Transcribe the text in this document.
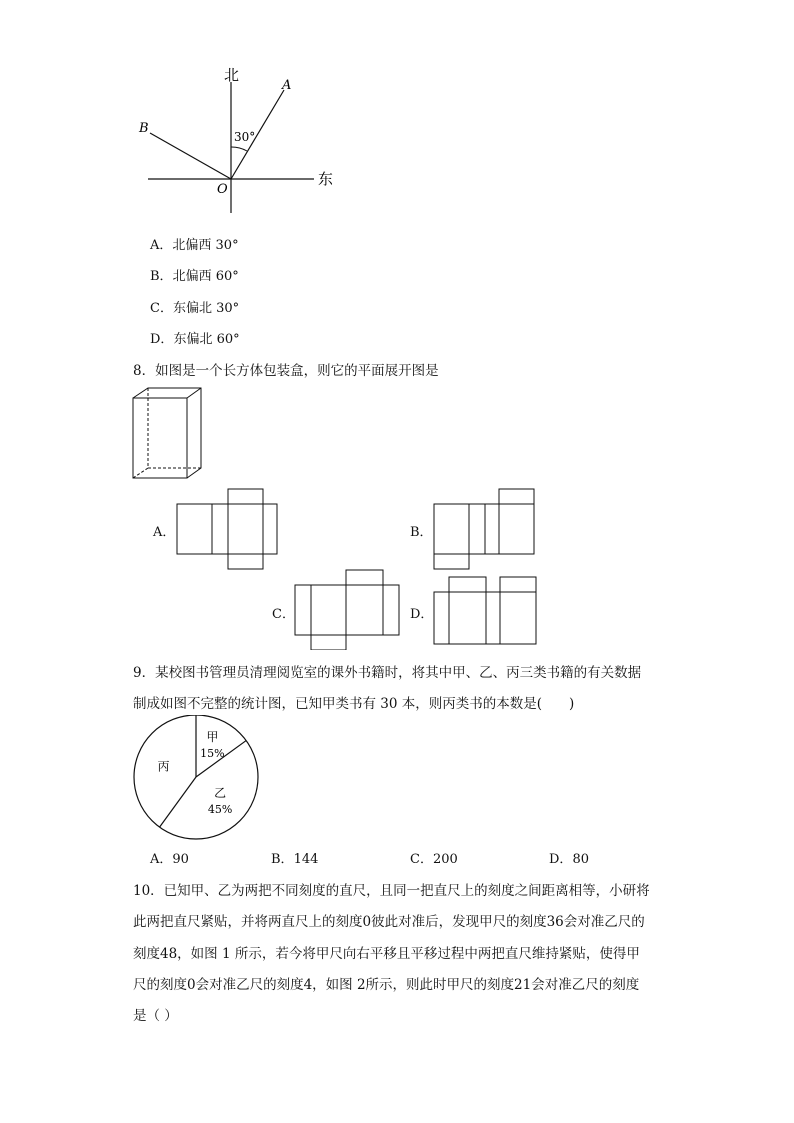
北
东
A
B
O
30°
A．北偏西 30°
B．北偏西 60°
C．东偏北 30°
D．东偏北 60°
8．如图是一个长方体包装盒，则它的平面展开图是
A．	B．
C．	D．
9．某校图书管理员清理阅览室的课外书籍时，将其中甲、乙、丙三类书籍的有关数据
制成如图不完整的统计图，已知甲类书有 30 本，则丙类书的本数是(　　)
甲
15%
乙
45%
丙
A．90	B．144	C．200	D．80
10．已知甲、乙为两把不同刻度的直尺，且同一把直尺上的刻度之间距离相等，小研将
此两把直尺紧贴，并将两直尺上的刻度0彼此对准后，发现甲尺的刻度36会对准乙尺的
刻度48，如图 1 所示，若今将甲尺向右平移且平移过程中两把直尺维持紧贴，使得甲
尺的刻度0会对准乙尺的刻度4，如图 2所示，则此时甲尺的刻度21会对准乙尺的刻度
是（ ）
